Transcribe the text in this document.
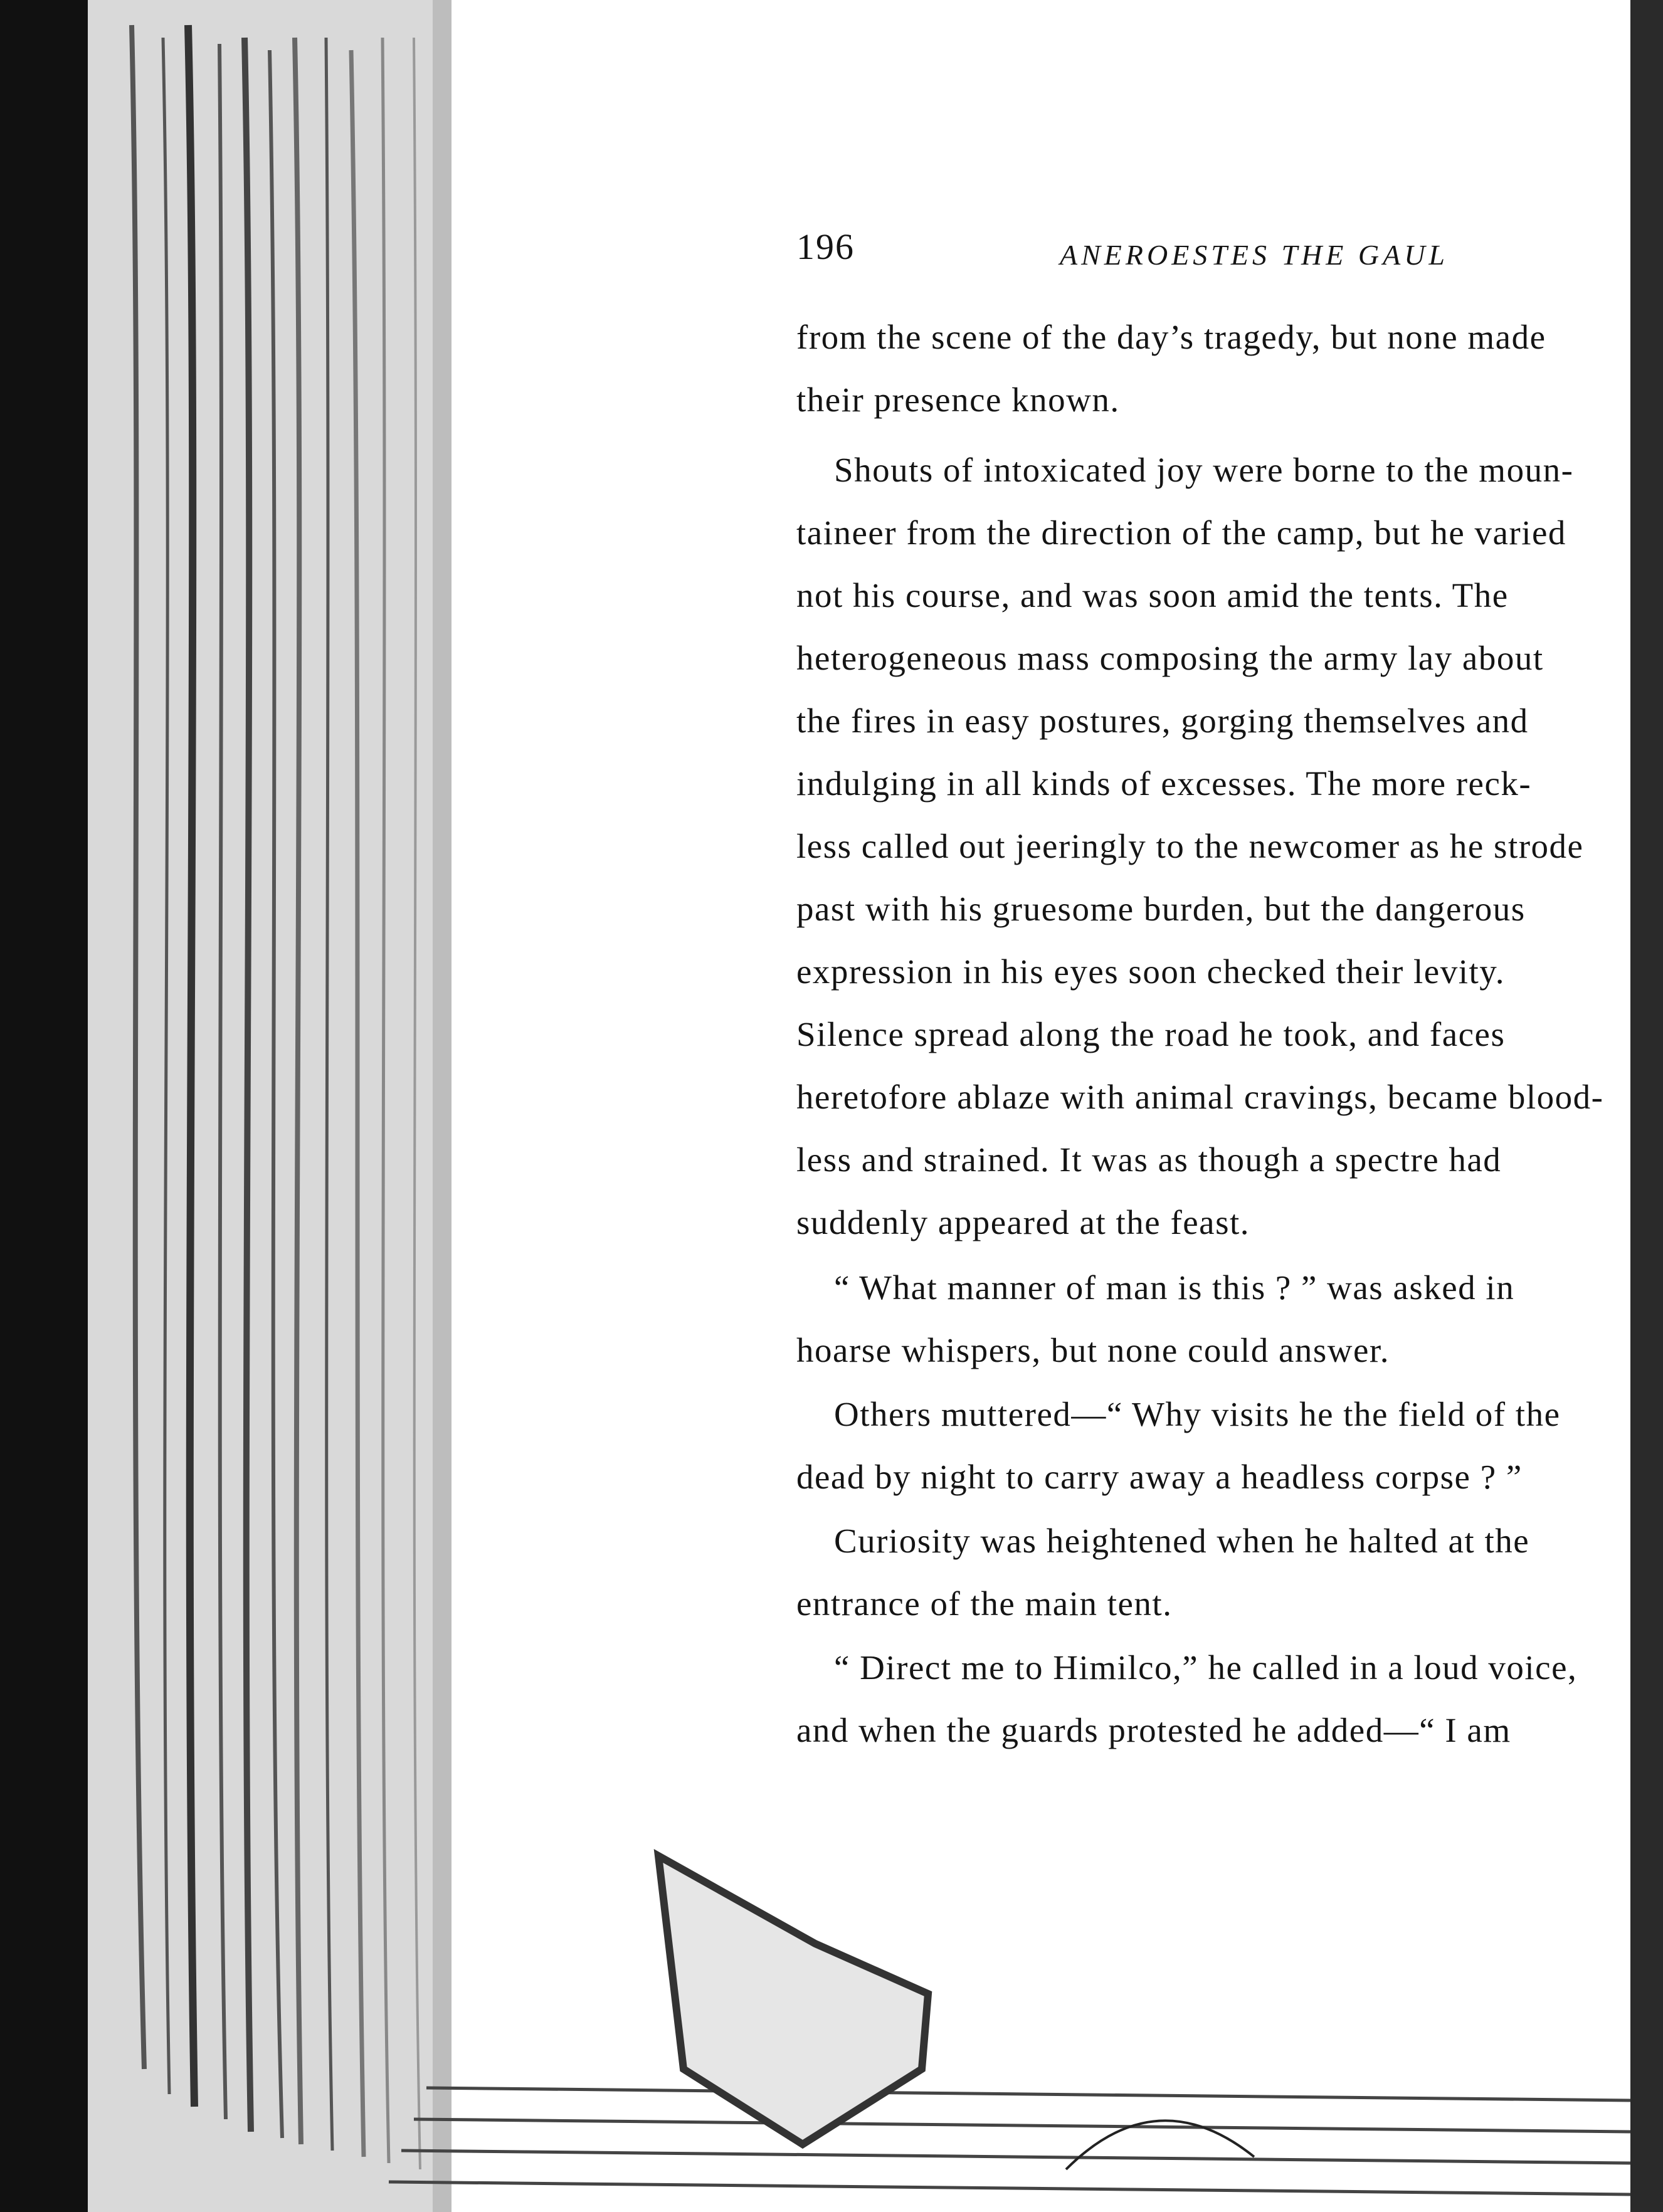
196	ANEROESTES THE GAUL
from the scene of the day’s tragedy, but none made
their presence known.
Shouts of intoxicated joy were borne to the moun-
taineer from the direction of the camp, but he varied
not his course, and was soon amid the tents. The
heterogeneous mass composing the army lay about
the fires in easy postures, gorging themselves and
indulging in all kinds of excesses. The more reck-
less called out jeeringly to the newcomer as he strode
past with his gruesome burden, but the dangerous
expression in his eyes soon checked their levity.
Silence spread along the road he took, and faces
heretofore ablaze with animal cravings, became blood-
less and strained. It was as though a spectre had
suddenly appeared at the feast.
“ What manner of man is this ? ” was asked in
hoarse whispers, but none could answer.
Others muttered—“ Why visits he the field of the
dead by night to carry away a headless corpse ? ”
Curiosity was heightened when he halted at the
entrance of the main tent.
“ Direct me to Himilco,” he called in a loud voice,
and when the guards protested he added—“ I am
